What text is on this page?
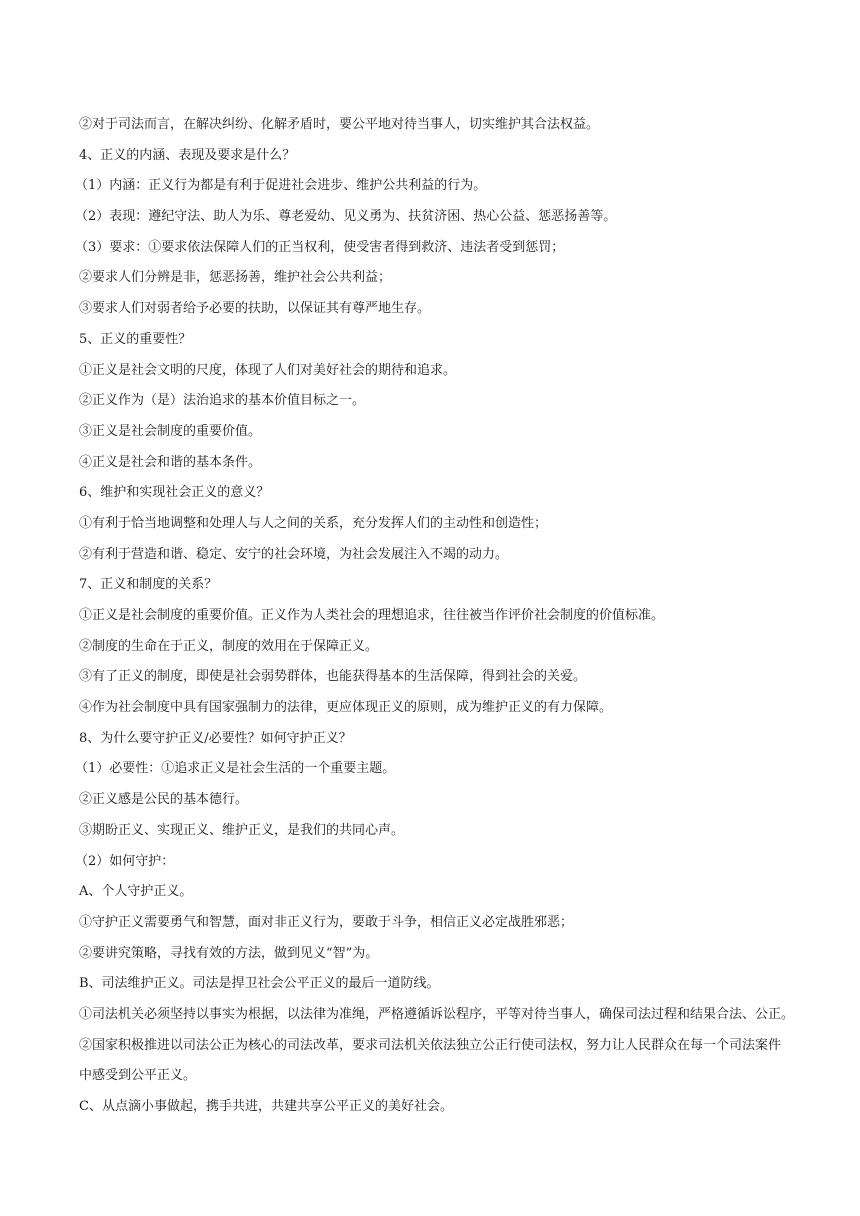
②对于司法而言，在解决纠纷、化解矛盾时，要公平地对待当事人，切实维护其合法权益。
4、正义的内涵、表现及要求是什么？
（1）内涵：正义行为都是有利于促进社会进步、维护公共利益的行为。
（2）表现：遵纪守法、助人为乐、尊老爱幼、见义勇为、扶贫济困、热心公益、惩恶扬善等。
（3）要求：①要求依法保障人们的正当权利，使受害者得到救济、违法者受到惩罚；
②要求人们分辨是非，惩恶扬善，维护社会公共利益；
③要求人们对弱者给予必要的扶助，以保证其有尊严地生存。
5、正义的重要性？
①正义是社会文明的尺度，体现了人们对美好社会的期待和追求。
②正义作为（是）法治追求的基本价值目标之一。
③正义是社会制度的重要价值。
④正义是社会和谐的基本条件。
6、维护和实现社会正义的意义？
①有利于恰当地调整和处理人与人之间的关系，充分发挥人们的主动性和创造性；
②有利于营造和谐、稳定、安宁的社会环境，为社会发展注入不竭的动力。
7、正义和制度的关系？
①正义是社会制度的重要价值。正义作为人类社会的理想追求，往往被当作评价社会制度的价值标准。
②制度的生命在于正义，制度的效用在于保障正义。
③有了正义的制度，即使是社会弱势群体，也能获得基本的生活保障，得到社会的关爱。
④作为社会制度中具有国家强制力的法律，更应体现正义的原则，成为维护正义的有力保障。
8、为什么要守护正义/必要性？如何守护正义？
（1）必要性：①追求正义是社会生活的一个重要主题。
②正义感是公民的基本德行。
③期盼正义、实现正义、维护正义，是我们的共同心声。
（2）如何守护：
A、个人守护正义。
①守护正义需要勇气和智慧，面对非正义行为，要敢于斗争，相信正义必定战胜邪恶；
②要讲究策略，寻找有效的方法，做到见义“智”为。
B、司法维护正义。司法是捍卫社会公平正义的最后一道防线。
①司法机关必须坚持以事实为根据，以法律为准绳，严格遵循诉讼程序，平等对待当事人，确保司法过程和结果合法、公正。
②国家积极推进以司法公正为核心的司法改革，要求司法机关依法独立公正行使司法权，努力让人民群众在每一个司法案件
中感受到公平正义。
C、从点滴小事做起，携手共进，共建共享公平正义的美好社会。
